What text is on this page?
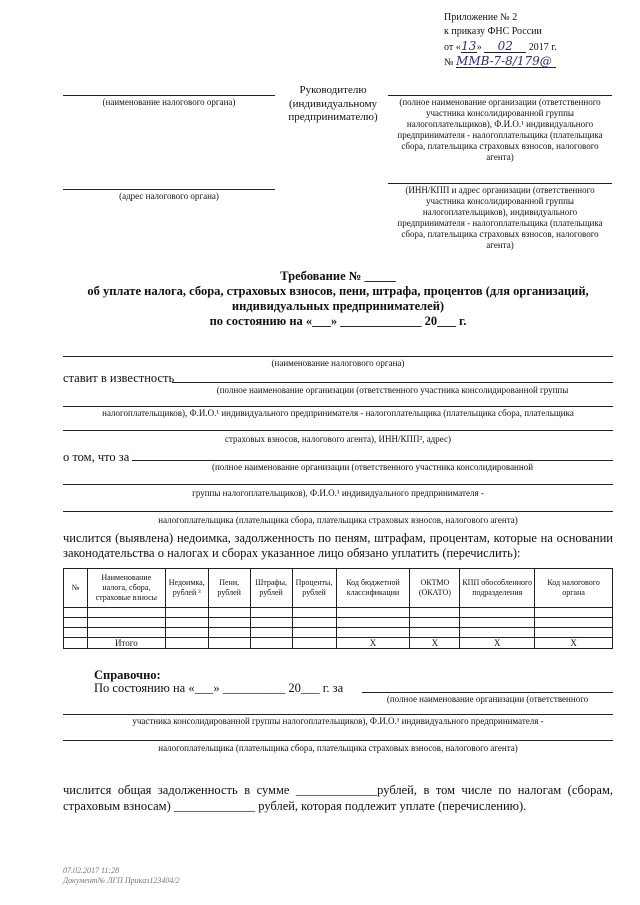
Приложение № 2
к приказу ФНС России
от «13» 02 2017 г.
№ ММВ-7-8/179@
(наименование налогового органа)
(адрес налогового органа)
Руководителю (индивидуальному предпринимателю)
(полное наименование организации (ответственного участника консолидированной группы налогоплательщиков), Ф.И.О.¹ индивидуального предпринимателя - налогоплательщика (плательщика сбора, плательщика страховых взносов, налогового агента)
(ИНН/КПП и адрес организации (ответственного участника консолидированной группы налогоплательщиков), индивидуального предпринимателя - налогоплательщика (плательщика сбора, плательщика страховых взносов, налогового агента)
Требование № _____
об уплате налога, сбора, страховых взносов, пени, штрафа, процентов (для организаций, индивидуальных предпринимателей)
по состоянию на «___» _____________ 20___ г.
(наименование налогового органа)
ставит в известность
(полное наименование организации (ответственного участника консолидированной группы
налогоплательщиков), Ф.И.О.¹ индивидуального предпринимателя - налогоплательщика (плательщика сбора, плательщика
страховых взносов, налогового агента), ИНН/КПП², адрес)
о том, что за
(полное наименование организации (ответственного участника консолидированной
группы налогоплательщиков), Ф.И.О.¹ индивидуального предпринимателя -
налогоплательщика (плательщика сбора, плательщика страховых взносов, налогового агента)
числится (выявлена) недоимка, задолженность по пеням, штрафам, процентам, которые на основании законодательства о налогах и сборах указанное лицо обязано уплатить (перечислить):
№	Наименование налога, сбора, страховые взносы	Недоимка, рублей ³	Пени, рублей	Штрафы, рублей	Проценты, рублей	Код бюджетной классификации	ОКТМО (ОКАТО)	КПП обособленного подразделения	Код налогового органа

	Итого					X	X	X	X
Справочно:
По состоянию на «___» __________ 20___ г. за
(полное наименование организации (ответственного
участника консолидированной группы налогоплательщиков), Ф.И.О.¹ индивидуального предпринимателя -
налогоплательщика (плательщика сбора, плательщика страховых взносов, налогового агента)
числится общая задолженность в сумме _____________рублей, в том числе по налогам (сборам, страховым взносам) _____________ рублей, которая подлежит уплате (перечислению).
07.02.2017 11:28
Документ№ ЛГП Приказ123404/2
